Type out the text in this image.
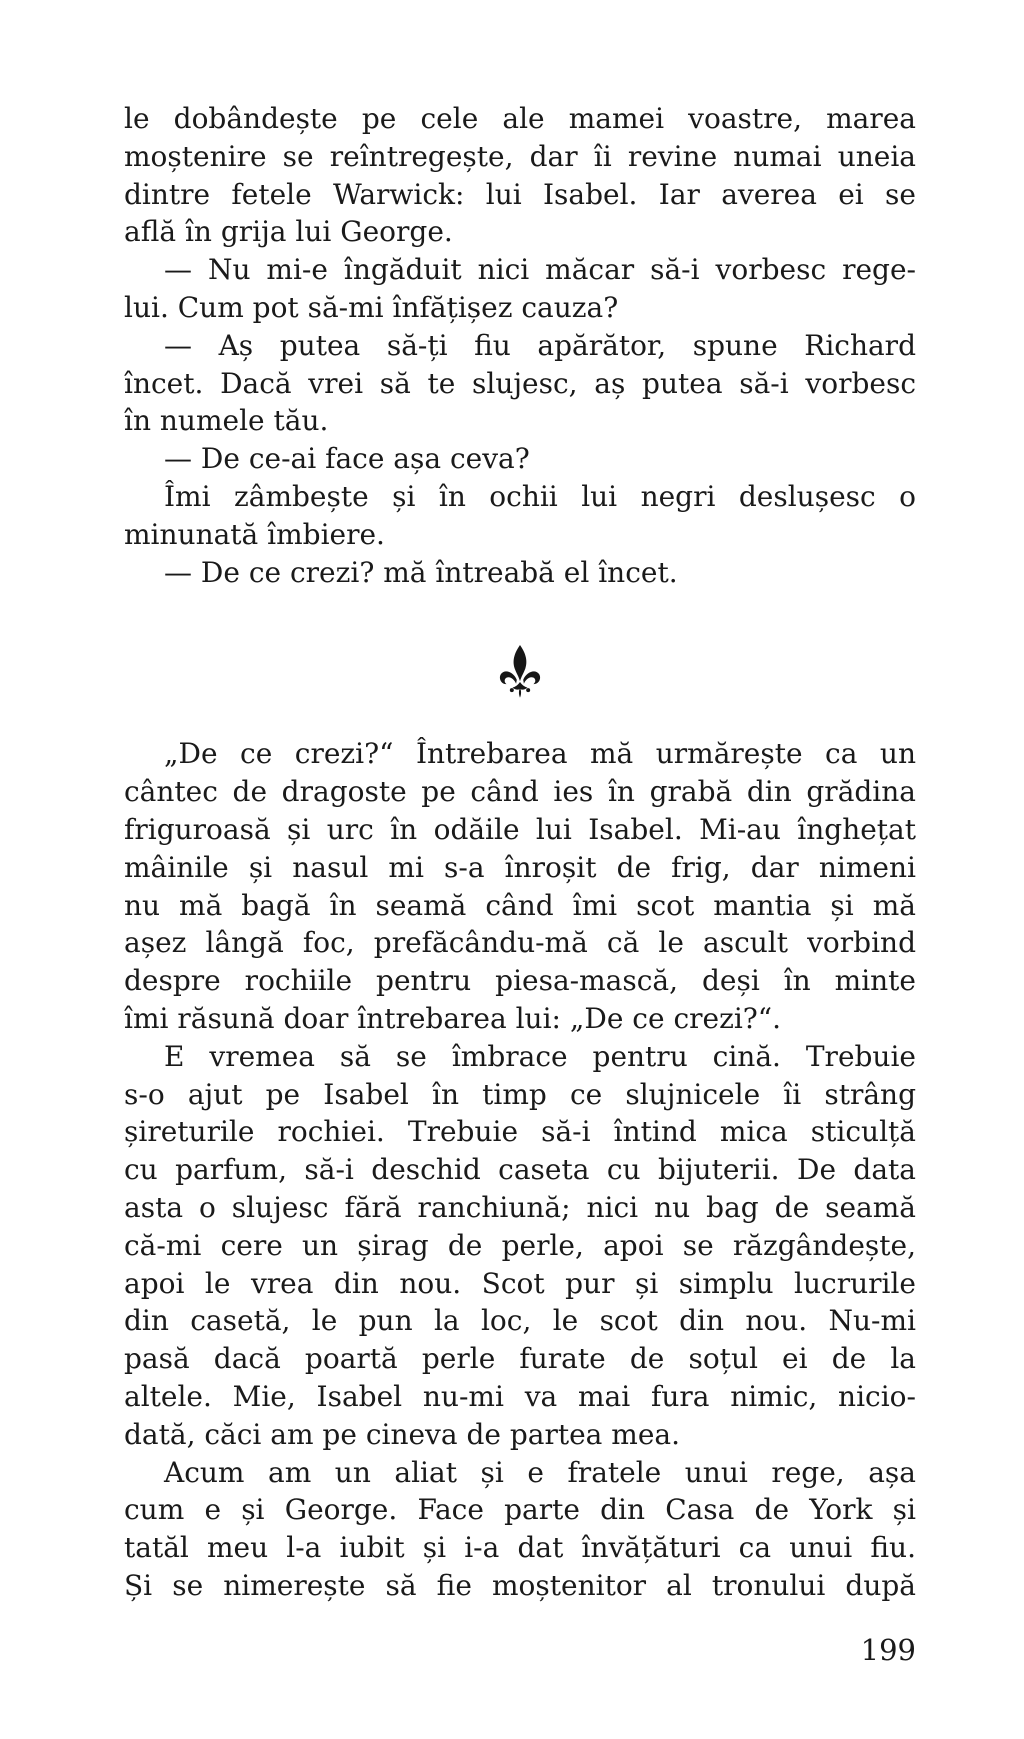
le dobândește pe cele ale mamei voastre, marea
moștenire se reîntregește, dar îi revine numai uneia
dintre fetele Warwick: lui Isabel. Iar averea ei se
află în grija lui George.
— Nu mi-e îngăduit nici măcar să-i vorbesc rege-
lui. Cum pot să-mi înfățișez cauza?
— Aș putea să-ți fiu apărător, spune Richard
încet. Dacă vrei să te slujesc, aș putea să-i vorbesc
în numele tău.
— De ce-ai face așa ceva?
Îmi zâmbește și în ochii lui negri deslușesc o
minunată îmbiere.
— De ce crezi? mă întreabă el încet.
„De ce crezi?“ Întrebarea mă urmărește ca un
cântec de dragoste pe când ies în grabă din grădina
friguroasă și urc în odăile lui Isabel. Mi-au înghețat
mâinile și nasul mi s-a înroșit de frig, dar nimeni
nu mă bagă în seamă când îmi scot mantia și mă
așez lângă foc, prefăcându-mă că le ascult vorbind
despre rochiile pentru piesa-mască, deși în minte
îmi răsună doar întrebarea lui: „De ce crezi?“.
E vremea să se îmbrace pentru cină. Trebuie
s-o ajut pe Isabel în timp ce slujnicele îi strâng
șireturile rochiei. Trebuie să-i întind mica sticulță
cu parfum, să-i deschid caseta cu bijuterii. De data
asta o slujesc fără ranchiună; nici nu bag de seamă
că-mi cere un șirag de perle, apoi se răzgândește,
apoi le vrea din nou. Scot pur și simplu lucrurile
din casetă, le pun la loc, le scot din nou. Nu-mi
pasă dacă poartă perle furate de soțul ei de la
altele. Mie, Isabel nu-mi va mai fura nimic, nicio-
dată, căci am pe cineva de partea mea.
Acum am un aliat și e fratele unui rege, așa
cum e și George. Face parte din Casa de York și
tatăl meu l-a iubit și i-a dat învățături ca unui fiu.
Și se nimerește să fie moștenitor al tronului după
199
